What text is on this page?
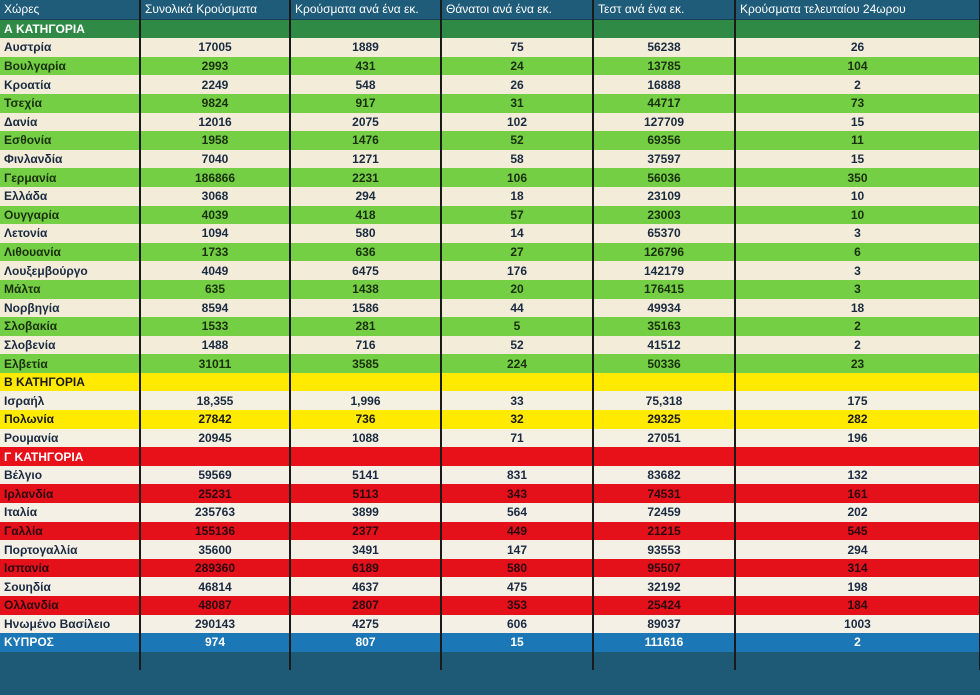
Χώρες	Συνολικά Κρούσματα	Κρούσματα ανά ένα εκ.	Θάνατοι ανά ένα εκ.	Τεστ ανά ένα εκ.	Κρούσματα τελευταίου 24ωρου
Α ΚΑΤΗΓΟΡΙΑ					
Αυστρία	17005	1889	75	56238	26
Βουλγαρία	2993	431	24	13785	104
Κροατία	2249	548	26	16888	2
Τσεχία	9824	917	31	44717	73
Δανία	12016	2075	102	127709	15
Εσθονία	1958	1476	52	69356	11
Φινλανδία	7040	1271	58	37597	15
Γερμανία	186866	2231	106	56036	350
Ελλάδα	3068	294	18	23109	10
Ουγγαρία	4039	418	57	23003	10
Λετονία	1094	580	14	65370	3
Λιθουανία	1733	636	27	126796	6
Λουξεμβούργο	4049	6475	176	142179	3
Μάλτα	635	1438	20	176415	3
Νορβηγία	8594	1586	44	49934	18
Σλοβακία	1533	281	5	35163	2
Σλοβενία	1488	716	52	41512	2
Ελβετία	31011	3585	224	50336	23
Β ΚΑΤΗΓΟΡΙΑ					
Ισραήλ	18,355	1,996	33	75,318	175
Πολωνία	27842	736	32	29325	282
Ρουμανία	20945	1088	71	27051	196
Γ ΚΑΤΗΓΟΡΙΑ					
Βέλγιο	59569	5141	831	83682	132
Ιρλανδία	25231	5113	343	74531	161
Ιταλία	235763	3899	564	72459	202
Γαλλία	155136	2377	449	21215	545
Πορτογαλλία	35600	3491	147	93553	294
Ισπανία	289360	6189	580	95507	314
Σουηδία	46814	4637	475	32192	198
Ολλανδία	48087	2807	353	25424	184
Ηνωμένο Βασίλειο	290143	4275	606	89037	1003
ΚΥΠΡΟΣ	974	807	15	111616	2
